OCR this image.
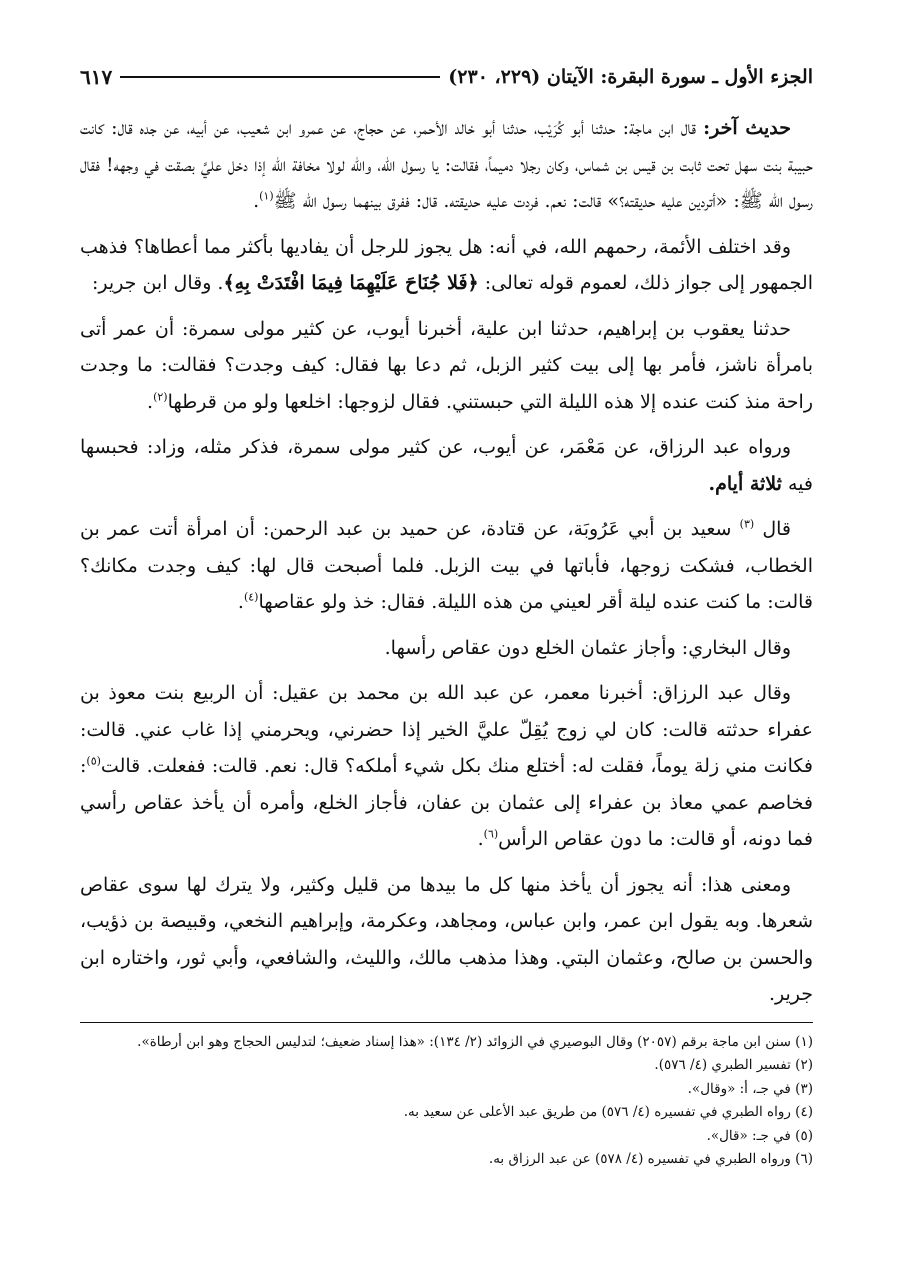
الجزء الأول ـ سورة البقرة: الآيتان (٢٢٩، ٢٣٠)
٦١٧

حديث آخر: قال ابن ماجة: حدثنا أبو كُرَيْب، حدثنا أبو خالد الأحمر، عن حجاج، عن عمرو ابن شعيب، عن أبيه، عن جده قال: كانت حبيبة بنت سهل تحت ثابت بن قيس بن شماس، وكان رجلا دميماً، فقالت: يا رسول الله، والله لولا مخافة الله إذا دخل عليَّ بصقت في وجهه! فقال رسول الله ﷺ: «أتردين عليه حديقته؟» قالت: نعم. فردت عليه حديقته. قال: ففرق بينهما رسول الله ﷺ$^{(١)}$.

وقد اختلف الأئمة، رحمهم الله، في أنه: هل يجوز للرجل أن يفاديها بأكثر مما أعطاها؟ فذهب الجمهور إلى جواز ذلك، لعموم قوله تعالى: ﴿فَلا جُنَاحَ عَلَيْهِمَا فِيمَا افْتَدَتْ بِهِ﴾. وقال ابن جرير:

حدثنا يعقوب بن إبراهيم، حدثنا ابن علية، أخبرنا أيوب، عن كثير مولى سمرة: أن عمر أتى بامرأة ناشز، فأمر بها إلى بيت كثير الزبل، ثم دعا بها فقال: كيف وجدت؟ فقالت: ما وجدت راحة منذ كنت عنده إلا هذه الليلة التي حبستني. فقال لزوجها: اخلعها ولو من قرطها$^{(٢)}$.

ورواه عبد الرزاق، عن مَعْمَر، عن أيوب، عن كثير مولى سمرة، فذكر مثله، وزاد: فحبسها فيه ثلاثة أيام.

قال $^{(٣)}$ سعيد بن أبي عَرُوبَة، عن قتادة، عن حميد بن عبد الرحمن: أن امرأة أتت عمر بن الخطاب، فشكت زوجها، فأباتها في بيت الزبل. فلما أصبحت قال لها: كيف وجدت مكانك؟ قالت: ما كنت عنده ليلة أقر لعيني من هذه الليلة. فقال: خذ ولو عقاصها$^{(٤)}$.

وقال البخاري: وأجاز عثمان الخلع دون عقاص رأسها.

وقال عبد الرزاق: أخبرنا معمر، عن عبد الله بن محمد بن عقيل: أن الربيع بنت معوذ بن عفراء حدثته قالت: كان لي زوج يُقِلّ عليَّ الخير إذا حضرني، ويحرمني إذا غاب عني. قالت: فكانت مني زلة يوماً، فقلت له: أختلع منك بكل شيء أملكه؟ قال: نعم. قالت: ففعلت. قالت$^{(٥)}$: فخاصم عمي معاذ بن عفراء إلى عثمان بن عفان، فأجاز الخلع، وأمره أن يأخذ عقاص رأسي فما دونه، أو قالت: ما دون عقاص الرأس$^{(٦)}$.

ومعنى هذا: أنه يجوز أن يأخذ منها كل ما بيدها من قليل وكثير، ولا يترك لها سوى عقاص شعرها. وبه يقول ابن عمر، وابن عباس، ومجاهد، وعكرمة، وإبراهيم النخعي، وقبيصة بن ذؤيب، والحسن بن صالح، وعثمان البتي. وهذا مذهب مالك، والليث، والشافعي، وأبي ثور، واختاره ابن جرير.

(١) سنن ابن ماجة برقم (٢٠٥٧) وقال البوصيري في الزوائد (٢/ ١٣٤): «هذا إسناد ضعيف؛ لتدليس الحجاج وهو ابن أرطاة».

(٢) تفسير الطبري (٤/ ٥٧٦).

(٣) في جـ، أ: «وقال».

(٤) رواه الطبري في تفسيره (٤/ ٥٧٦) من طريق عبد الأعلى عن سعيد به.

(٥) في جـ: «قال».

(٦) ورواه الطبري في تفسيره (٤/ ٥٧٨) عن عبد الرزاق به.
